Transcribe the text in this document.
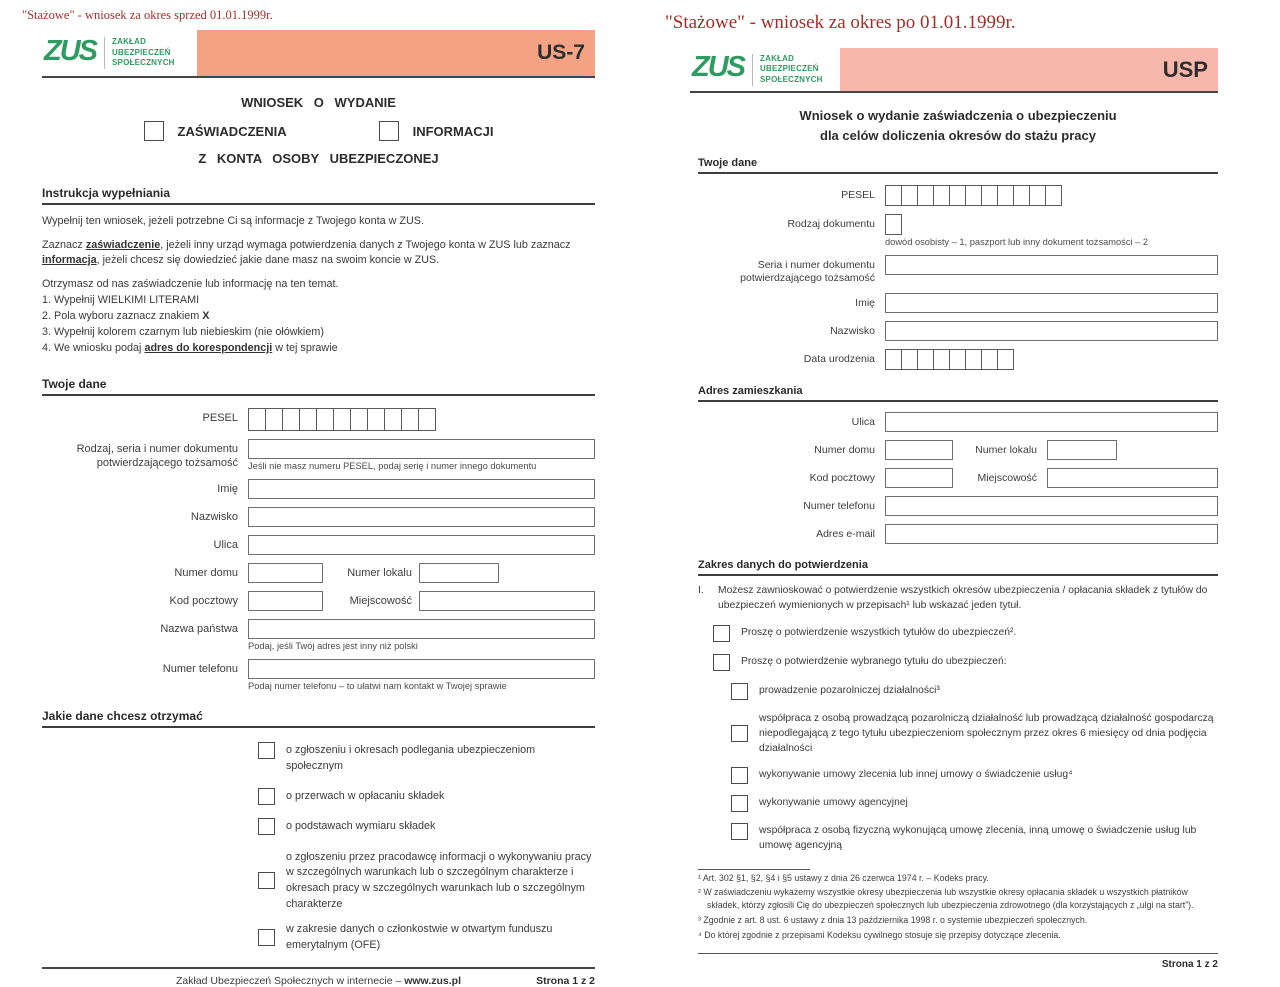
"Stażowe" - wniosek za okres sprzed 01.01.1999r.
ZUS	ZAKŁAD
UBEZPIECZEŃ
SPOŁECZNYCH	US-7
WNIOSEK O WYDANIE
ZAŚWIADCZENIA	INFORMACJI
Z KONTA OSOBY UBEZPIECZONEJ
Instrukcja wypełniania

Wypełnij ten wniosek, jeżeli potrzebne Ci są informacje z Twojego konta w ZUS.

Zaznacz zaświadczenie, jeżeli inny urząd wymaga potwierdzenia danych z Twojego konta w ZUS lub zaznacz informacja, jeżeli chcesz się dowiedzieć jakie dane masz na swoim koncie w ZUS.

Otrzymasz od nas zaświadczenie lub informację na ten temat.

1. Wypełnij WIELKIMI LITERAMI
2. Pola wyboru zaznacz znakiem X
3. Wypełnij kolorem czarnym lub niebieskim (nie ołówkiem)
4. We wniosku podaj adres do korespondencji w tej sprawie
Twoje dane
PESEL
Rodzaj, seria i numer dokumentu potwierdzającego tożsamość Jeśli nie masz numeru PESEL, podaj serię i numer innego dokumentu
Imię
Nazwisko
Ulica
Numer domu	Numer lokalu
Kod pocztowy	Miejscowość
Nazwa państwa
Podaj, jeśli Twój adres jest inny niż polski
Numer telefonu
Podaj numer telefonu – to ułatwi nam kontakt w Twojej sprawie
Jakie dane chcesz otrzymać
o zgłoszeniu i okresach podlegania ubezpieczeniom społecznym
o przerwach w opłacaniu składek
o podstawach wymiaru składek
o zgłoszeniu przez pracodawcę informacji o wykonywaniu pracy w szczególnych warunkach lub o szczególnym charakterze i okresach pracy w szczególnych warunkach lub o szczególnym charakterze
w zakresie danych o członkostwie w otwartym funduszu emerytalnym (OFE)
Zakład Ubezpieczeń Społecznych w internecie – www.zus.pl	Strona 1 z 2
"Stażowe" - wniosek za okres po 01.01.1999r.
ZUS	ZAKŁAD
UBEZPIECZEŃ
SPOŁECZNYCH	USP
Wniosek o wydanie zaświadczenia o ubezpieczeniu
dla celów doliczenia okresów do stażu pracy
Twoje dane
PESEL
Rodzaj dokumentu
dowód osobisty – 1, paszport lub inny dokument tożsamości – 2
Seria i numer dokumentu potwierdzającego tożsamość
Imię
Nazwisko
Data urodzenia
Adres zamieszkania
Ulica
Numer domu	Numer lokalu
Kod pocztowy	Miejscowość
Numer telefonu
Adres e-mail
Zakres danych do potwierdzenia
I.	Możesz zawnioskować o potwierdzenie wszystkich okresów ubezpieczenia / opłacania składek z tytułów do ubezpieczeń wymienionych w przepisach¹ lub wskazać jeden tytuł.
Proszę o potwierdzenie wszystkich tytułów do ubezpieczeń².
Proszę o potwierdzenie wybranego tytułu do ubezpieczeń:
prowadzenie pozarolniczej działalności³
współpraca z osobą prowadzącą pozarolniczą działalność lub prowadzącą działalność gospodarczą niepodlegającą z tego tytułu ubezpieczeniom społecznym przez okres 6 miesięcy od dnia podjęcia działalności
wykonywanie umowy zlecenia lub innej umowy o świadczenie usług⁴
wykonywanie umowy agencyjnej
współpraca z osobą fizyczną wykonującą umowę zlecenia, inną umowę o świadczenie usług lub umowę agencyjną
¹ Art. 302 §1, §2, §4 i §5 ustawy z dnia 26 czerwca 1974 r. – Kodeks pracy.
² W zaświadczeniu wykażemy wszystkie okresy ubezpieczenia lub wszystkie okresy opłacania składek u wszystkich płatników składek, którzy zgłosili Cię do ubezpieczeń społecznych lub ubezpieczenia zdrowotnego (dla korzystających z „ulgi na start”).
³ Zgodnie z art. 8 ust. 6 ustawy z dnia 13 października 1998 r. o systemie ubezpieczeń społecznych.
⁴ Do której zgodnie z przepisami Kodeksu cywilnego stosuje się przepisy dotyczące zlecenia.
Strona 1 z 2
